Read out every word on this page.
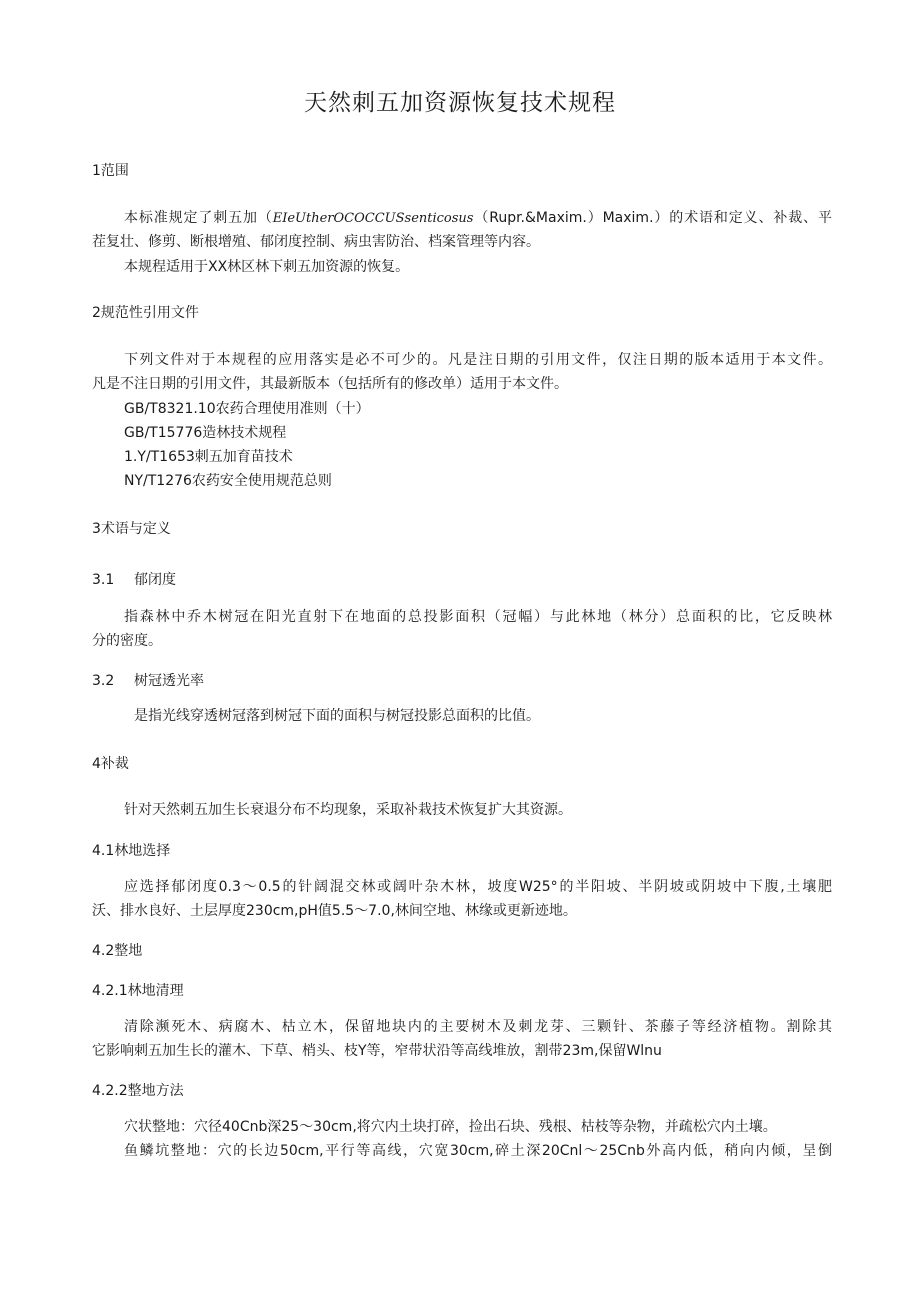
天然刺五加资源恢复技术规程

1范围

本标准规定了刺五加（EIeUtherOCOCCUSsenticosus（Rupr.&Maxim.）Maxim.）的术语和定义、补裁、平

茬复壮、修剪、断根增殖、郁闭度控制、病虫害防治、档案管理等内容。

本规程适用于XX林区林下刺五加资源的恢复。

2规范性引用文件

下列文件对于本规程的应用落实是必不可少的。凡是注日期的引用文件，仅注日期的版本适用于本文件。

凡是不注日期的引用文件，其最新版本（包括所有的修改单）适用于本文件。

GB/T8321.10农药合理使用准则（十）

GB/T15776造林技术规程

1.Y/T1653刺五加育苗技术

NY/T1276农药安全使用规范总则

3术语与定义

3.1 郁闭度

指森林中乔木树冠在阳光直射下在地面的总投影面积（冠幅）与此林地（林分）总面积的比，它反映林

分的密度。

3.2 树冠透光率

是指光线穿透树冠落到树冠下面的面积与树冠投影总面积的比值。

4补裁

针对天然刺五加生长衰退分布不均现象，采取补栽技术恢复扩大其资源。

4.1林地选择

应选择郁闭度0.3～0.5的针阔混交林或阔叶杂木林，坡度W25°的半阳坡、半阴坡或阴坡中下腹,土壤肥

沃、排水良好、土层厚度230cm,pH值5.5～7.0,林间空地、林缘或更新迹地。

4.2整地

4.2.1林地清理

清除濒死木、病腐木、枯立木，保留地块内的主要树木及刺龙芽、三颗针、茶藤子等经济植物。割除其

它影响刺五加生长的灌木、下草、梢头、枝Y等，窄带状沿等高线堆放，割带23m,保留Wlnu

4.2.2整地方法

穴状整地：穴径40Cnb深25～30cm,将穴内土块打碎，捡出石块、残根、枯枝等杂物，并疏松穴内土壤。

鱼鳞坑整地：穴的长边50cm,平行等高线，穴宽30cm,碎土深20Cnl～25Cnb外高内低，稍向内倾，呈倒
